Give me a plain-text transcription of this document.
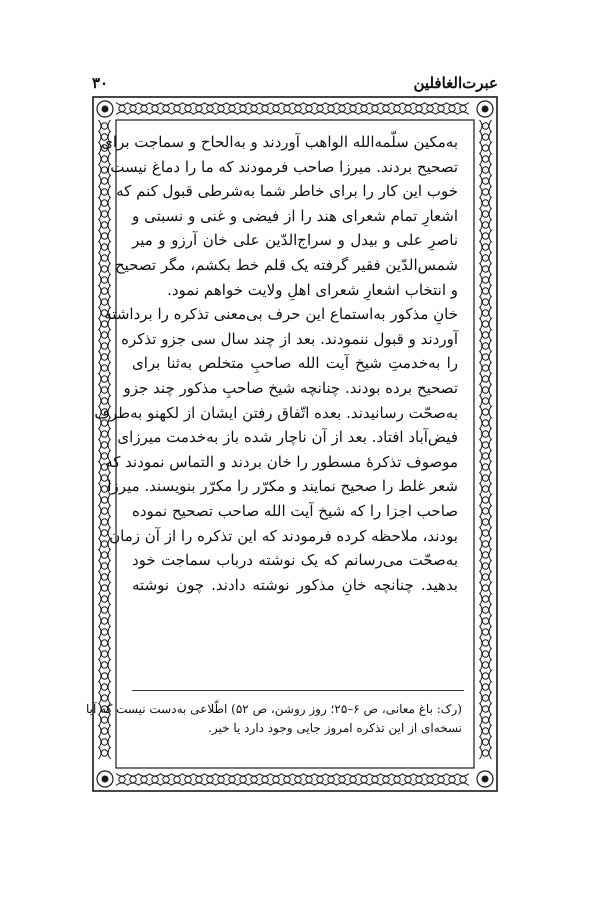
عبرت‌الغافلین
۳۰
به‌مکین سلّمه‌الله الواهب آوردند و به‌الحاح و سماجت برای
تصحیح بردند. میرزا صاحب فرمودند که ما را دماغ نیست،
خوب این کار را برای خاطر شما به‌شرطی قبول کنم که
اشعارِ تمام شعرای هند را از فیضی و غنی و نسبتی و
ناصرِ علی و بیدل و سراج‌الدّین علی خان آرزو و میر
شمس‌الدّین فقیر گرفته یک قلم خط بکشم، مگر تصحیح
و انتخاب اشعارِ شعرای اهلِ ولایت خواهم نمود.
خانِ مذکور به‌استماع این حرف بی‌معنی تذکره را برداشته
آوردند و قبول ننمودند. بعد از چند سال سی جزو تذکره
را به‌خدمتِ شیخ آیت الله صاحبِ متخلص به‌ثنا برای
تصحیح برده بودند. چنانچه شیخ صاحبِ مذکور چند جزو
به‌صحّت رسانیدند. بعده اتّفاق رفتن ایشان از لکهنو به‌طرف
فیض‌آباد افتاد. بعد از آن ناچار شده باز به‌خدمت میرزای
موصوف تذکرهٔ مسطور را خان بردند و التماس نمودند که
شعر غلط را صحیح نمایند و مکرّر را مکرّر بنویسند. میرزا
صاحب اجزا را که شیخ آیت الله صاحب تصحیح نموده
بودند، ملاحظه کرده فرمودند که این تذکره را از آن زمان
به‌صحّت می‌رسانم که یک نوشته درباب سماجت خود
بدهید. چنانچه خانِ مذکور نوشته دادند. چون نوشته
(رک: باغ معانی، ص ۶–۲۵؛ روز روشن، ص ۵۲) اطّلاعی به‌دست نیست که آیا
نسخه‌ای از این تذکره امروز جایی وجود دارد یا خیر.
